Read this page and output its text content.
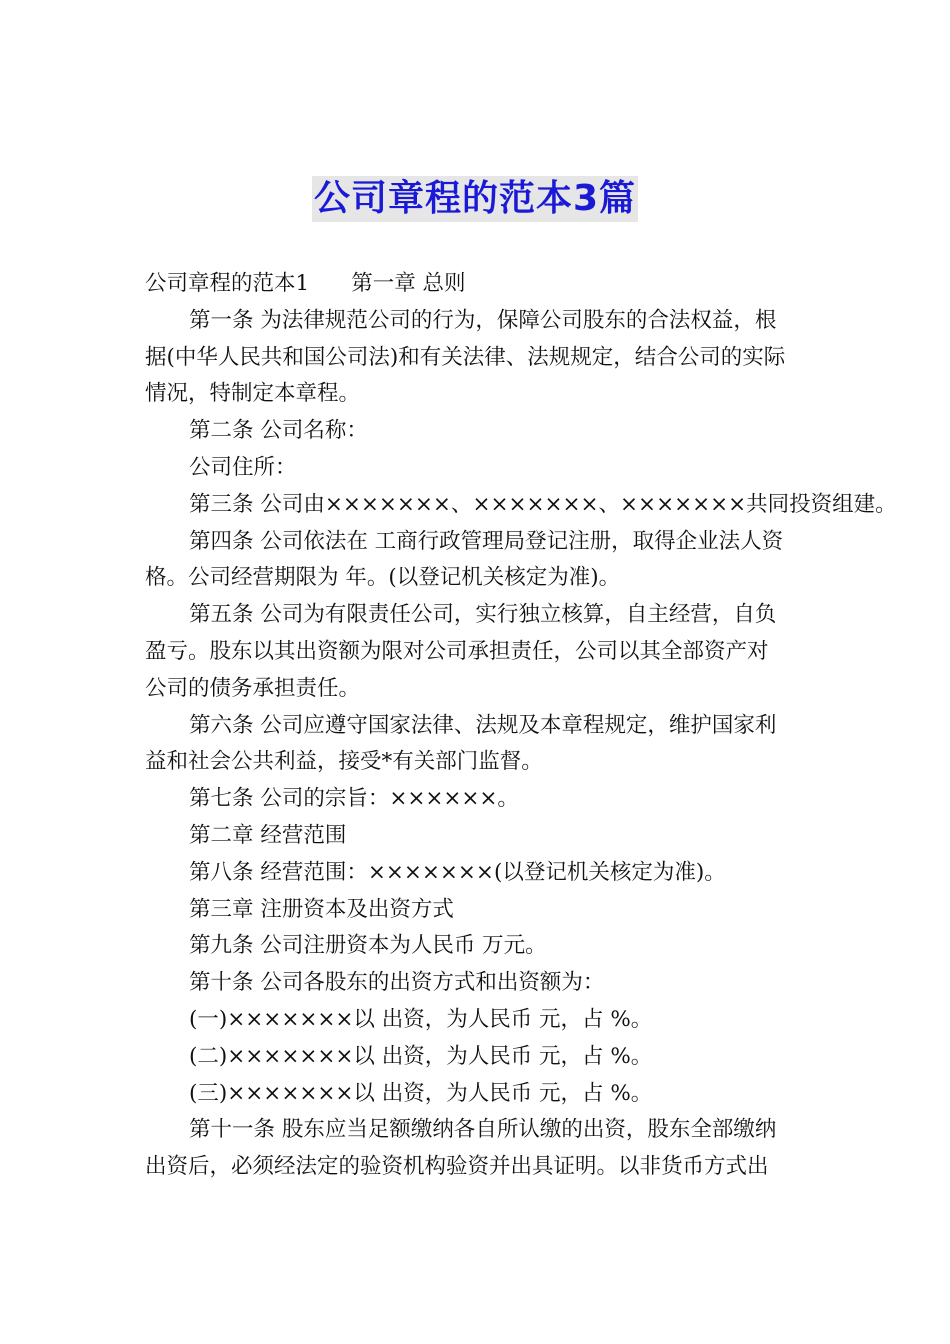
公司章程的范本3篇
公司章程的范本1 第一章 总则
第一条 为法律规范公司的行为，保障公司股东的合法权益，根
据(中华人民共和国公司法)和有关法律、法规规定，结合公司的实际
情况，特制定本章程。
第二条 公司名称：
公司住所：
第三条 公司由×××××××、×××××××、×××××××共同投资组建。
第四条 公司依法在 工商行政管理局登记注册，取得企业法人资
格。公司经营期限为 年。(以登记机关核定为准)。
第五条 公司为有限责任公司，实行独立核算，自主经营，自负
盈亏。股东以其出资额为限对公司承担责任，公司以其全部资产对
公司的债务承担责任。
第六条 公司应遵守国家法律、法规及本章程规定，维护国家利
益和社会公共利益，接受*有关部门监督。
第七条 公司的宗旨：××××××。
第二章 经营范围
第八条 经营范围：×××××××(以登记机关核定为准)。
第三章 注册资本及出资方式
第九条 公司注册资本为人民币 万元。
第十条 公司各股东的出资方式和出资额为：
(一)×××××××以 出资，为人民币 元，占 %。
(二)×××××××以 出资，为人民币 元，占 %。
(三)×××××××以 出资，为人民币 元，占 %。
第十一条 股东应当足额缴纳各自所认缴的出资，股东全部缴纳
出资后，必须经法定的验资机构验资并出具证明。以非货币方式出
